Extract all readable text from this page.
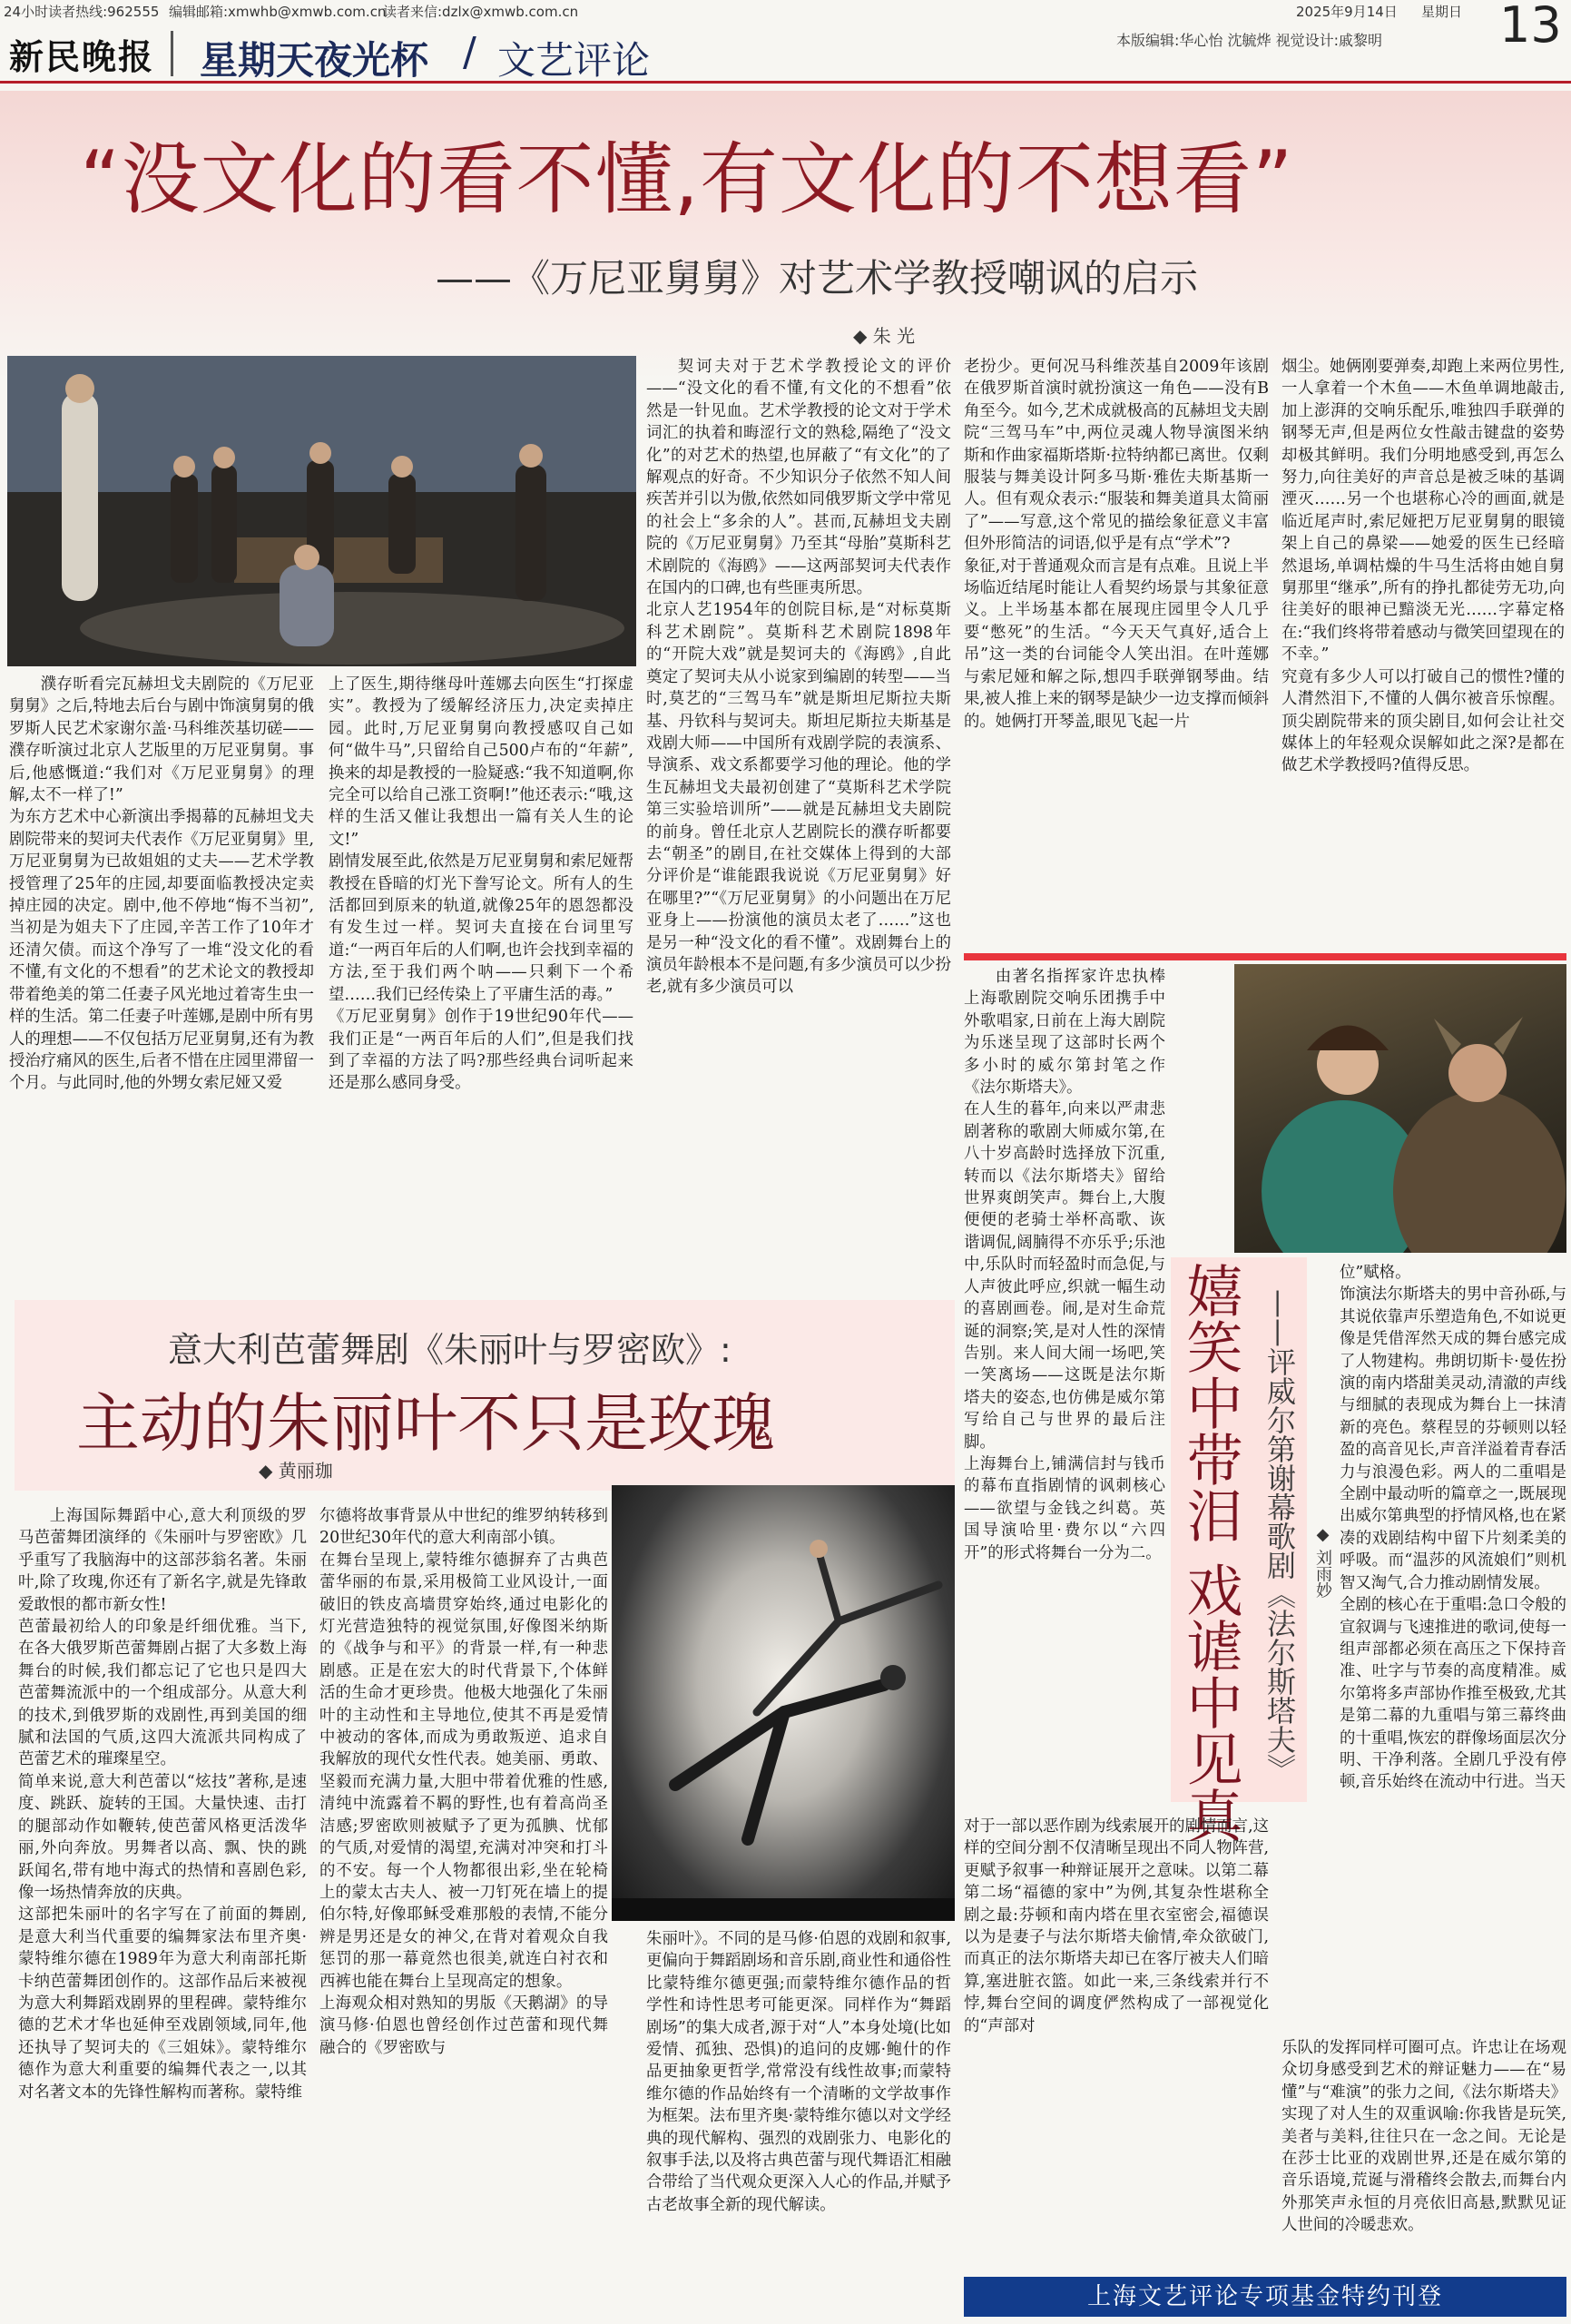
24小时读者热线:962555 编辑邮箱:xmwhb@xmwb.com.cn
读者来信:dzlx@xmwb.com.cn	2025年9月14日 星期日 13
本版编辑:华心怡 沈毓烨 视觉设计:戚黎明
新民晚报 星期天夜光杯 / 文艺评论
“没文化的看不懂,有文化的不想看”
——《万尼亚舅舅》对艺术学教授嘲讽的启示
◆ 朱 光
濮存昕看完瓦赫坦戈夫剧院的《万尼亚舅舅》之后,特地去后台与剧中饰演舅舅的俄罗斯人民艺术家谢尔盖·马科维茨基切磋——濮存昕演过北京人艺版里的万尼亚舅舅。事后,他感慨道:“我们对《万尼亚舅舅》的理解,太不一样了!”
为东方艺术中心新演出季揭幕的瓦赫坦戈夫剧院带来的契诃夫代表作《万尼亚舅舅》里,万尼亚舅舅为已故姐姐的丈夫——艺术学教授管理了25年的庄园,却要面临教授决定卖掉庄园的决定。剧中,他不停地“悔不当初”,当初是为姐夫下了庄园,辛苦工作了10年才还清欠债。而这个净写了一堆“没文化的看不懂,有文化的不想看”的艺术论文的教授却带着绝美的第二任妻子风光地过着寄生虫一样的生活。第二任妻子叶莲娜,是剧中所有男人的理想——不仅包括万尼亚舅舅,还有为教授治疗痛风的医生,后者不惜在庄园里滞留一个月。与此同时,他的外甥女索尼娅又爱
上了医生,期待继母叶莲娜去向医生“打探虚实”。教授为了缓解经济压力,决定卖掉庄园。此时,万尼亚舅舅向教授感叹自己如何“做牛马”,只留给自己500卢布的“年薪”,换来的却是教授的一脸疑惑:“我不知道啊,你完全可以给自己涨工资啊!”他还表示:“哦,这样的生活又催让我想出一篇有关人生的论文!”
剧情发展至此,依然是万尼亚舅舅和索尼娅帮教授在昏暗的灯光下誊写论文。所有人的生活都回到原来的轨道,就像25年的恩怨都没有发生过一样。契诃夫直接在台词里写道:“一两百年后的人们啊,也许会找到幸福的方法,至于我们两个呐——只剩下一个希望……我们已经传染上了平庸生活的毒。”
《万尼亚舅舅》创作于19世纪90年代——我们正是“一两百年后的人们”,但是我们找到了幸福的方法了吗?那些经典台词听起来还是那么感同身受。
契诃夫对于艺术学教授论文的评价——“没文化的看不懂,有文化的不想看”依然是一针见血。艺术学教授的论文对于学术词汇的执着和晦涩行文的熟稔,隔绝了“没文化”的对艺术的热望,也屏蔽了“有文化”的了解观点的好奇。不少知识分子依然不知人间疾苦并引以为傲,依然如同俄罗斯文学中常见的社会上“多余的人”。甚而,瓦赫坦戈夫剧院的《万尼亚舅舅》乃至其“母胎”莫斯科艺术剧院的《海鸥》——这两部契诃夫代表作在国内的口碑,也有些匪夷所思。
北京人艺1954年的创院目标,是“对标莫斯科艺术剧院”。莫斯科艺术剧院1898年的“开院大戏”就是契诃夫的《海鸥》,自此奠定了契诃夫从小说家到编剧的转型——当时,莫艺的“三驾马车”就是斯坦尼斯拉夫斯基、丹钦科与契诃夫。斯坦尼斯拉夫斯基是戏剧大师——中国所有戏剧学院的表演系、导演系、戏文系都要学习他的理论。他的学生瓦赫坦戈夫最初创建了“莫斯科艺术学院第三实验培训所”——就是瓦赫坦戈夫剧院的前身。曾任北京人艺剧院长的濮存昕都要去“朝圣”的剧目,在社交媒体上得到的大部分评价是“谁能跟我说说《万尼亚舅舅》好在哪里?”“《万尼亚舅舅》的小问题出在万尼亚身上——扮演他的演员太老了……”这也是另一种“没文化的看不懂”。戏剧舞台上的演员年龄根本不是问题,有多少演员可以少扮老,就有多少演员可以
老扮少。更何况马科维茨基自2009年该剧在俄罗斯首演时就扮演这一角色——没有B角至今。如今,艺术成就极高的瓦赫坦戈夫剧院“三驾马车”中,两位灵魂人物导演图米纳斯和作曲家福斯塔斯·拉特纳都已离世。仅剩服装与舞美设计阿多马斯·雅佐夫斯基斯一人。但有观众表示:“服装和舞美道具太简丽了”——写意,这个常见的描绘象征意义丰富但外形简洁的词语,似乎是有点“学术”?
象征,对于普通观众而言是有点难。且说上半场临近结尾时能让人看契约场景与其象征意义。上半场基本都在展现庄园里令人几乎要“憋死”的生活。“今天天气真好,适合上吊”这一类的台词能令人笑出泪。在叶莲娜与索尼娅和解之际,想四手联弹钢琴曲。结果,被人推上来的钢琴是缺少一边支撑而倾斜的。她俩打开琴盖,眼见飞起一片
烟尘。她俩刚要弹奏,却跑上来两位男性,一人拿着一个木鱼——木鱼单调地敲击,加上澎湃的交响乐配乐,唯独四手联弹的钢琴无声,但是两位女性敲击键盘的姿势却极其鲜明。我们分明地感受到,再怎么努力,向往美好的声音总是被乏味的基调湮灭……另一个也堪称心冷的画面,就是临近尾声时,索尼娅把万尼亚舅舅的眼镜架上自己的鼻梁——她爱的医生已经暗然退场,单调枯燥的牛马生活将由她自舅舅那里“继承”,所有的挣扎都徒劳无功,向往美好的眼神已黯淡无光……字幕定格在:“我们终将带着感动与微笑回望现在的不幸。”
究竟有多少人可以打破自己的惯性?懂的人潸然泪下,不懂的人偶尔被音乐惊醒。顶尖剧院带来的顶尖剧目,如何会让社交媒体上的年轻观众误解如此之深?是都在做艺术学教授吗?值得反思。
意大利芭蕾舞剧《朱丽叶与罗密欧》:
主动的朱丽叶不只是玫瑰
◆ 黄丽珈
上海国际舞蹈中心,意大利顶级的罗马芭蕾舞团演绎的《朱丽叶与罗密欧》几乎重写了我脑海中的这部莎翁名著。朱丽叶,除了玫瑰,你还有了新名字,就是先锋敢爱敢恨的都市新女性!
芭蕾最初给人的印象是纤细优雅。当下,在各大俄罗斯芭蕾舞剧占据了大多数上海舞台的时候,我们都忘记了它也只是四大芭蕾舞流派中的一个组成部分。从意大利的技术,到俄罗斯的戏剧性,再到美国的细腻和法国的气质,这四大流派共同构成了芭蕾艺术的璀璨星空。
简单来说,意大利芭蕾以“炫技”著称,是速度、跳跃、旋转的王国。大量快速、击打的腿部动作如鞭转,使芭蕾风格更活泼华丽,外向奔放。男舞者以高、飘、快的跳跃闻名,带有地中海式的热情和喜剧色彩,像一场热情奔放的庆典。
这部把朱丽叶的名字写在了前面的舞剧,是意大利当代重要的编舞家法布里齐奥·蒙特维尔德在1989年为意大利南部托斯卡纳芭蕾舞团创作的。这部作品后来被视为意大利舞蹈戏剧界的里程碑。蒙特维尔德的艺术才华也延伸至戏剧领域,同年,他还执导了契诃夫的《三姐妹》。蒙特维尔德作为意大利重要的编舞代表之一,以其对名著文本的先锋性解构而著称。蒙特维
尔德将故事背景从中世纪的维罗纳转移到20世纪30年代的意大利南部小镇。
在舞台呈现上,蒙特维尔德摒弃了古典芭蕾华丽的布景,采用极简工业风设计,一面破旧的铁皮高墙贯穿始终,通过电影化的灯光营造独特的视觉氛围,好像图米纳斯的《战争与和平》的背景一样,有一种悲剧感。正是在宏大的时代背景下,个体鲜活的生命才更珍贵。他极大地强化了朱丽叶的主动性和主导地位,使其不再是爱情中被动的客体,而成为勇敢叛逆、追求自我解放的现代女性代表。她美丽、勇敢、坚毅而充满力量,大胆中带着优雅的性感,清纯中流露着不羁的野性,也有着高尚圣洁感;罗密欧则被赋予了更为孤腆、忧郁的气质,对爱情的渴望,充满对冲突和打斗的不安。每一个人物都很出彩,坐在轮椅上的蒙太古夫人、被一刀钉死在墙上的提伯尔特,好像耶稣受难那般的表情,不能分辨是男还是女的神父,在背对着观众自我惩罚的那一幕竟然也很美,就连白衬衣和西裤也能在舞台上呈现高定的想象。
上海观众相对熟知的男版《天鹅湖》的导演马修·伯恩也曾经创作过芭蕾和现代舞融合的《罗密欧与
朱丽叶》。不同的是马修·伯恩的戏剧和叙事,更偏向于舞蹈剧场和音乐剧,商业性和通俗性比蒙特维尔德更强;而蒙特维尔德作品的哲学性和诗性思考可能更深。同样作为“舞蹈剧场”的集大成者,源于对“人”本身处境(比如爱情、孤独、恐惧)的追问的皮娜·鲍什的作品更抽象更哲学,常常没有线性故事;而蒙特维尔德的作品始终有一个清晰的文学故事作为框架。法布里齐奥·蒙特维尔德以对文学经典的现代解构、强烈的戏剧张力、电影化的叙事手法,以及将古典芭蕾与现代舞语汇相融合带给了当代观众更深入人心的作品,并赋予古老故事全新的现代解读。
嬉笑中带泪 戏谑中见真 ——评威尔第谢幕歌剧《法尔斯塔夫》 ◆ 刘雨妙
由著名指挥家许忠执棒上海歌剧院交响乐团携手中外歌唱家,日前在上海大剧院为乐迷呈现了这部时长两个多小时的威尔第封笔之作《法尔斯塔夫》。
在人生的暮年,向来以严肃悲剧著称的歌剧大师威尔第,在八十岁高龄时选择放下沉重,转而以《法尔斯塔夫》留给世界爽朗笑声。舞台上,大腹便便的老骑士举杯高歌、诙谐调侃,阔腩得不亦乐乎;乐池中,乐队时而轻盈时而急促,与人声彼此呼应,织就一幅生动的喜剧画卷。闹,是对生命荒诞的洞察;笑,是对人性的深情告别。来人间大闹一场吧,笑一笑离场——这既是法尔斯塔夫的姿态,也仿佛是威尔第写给自己与世界的最后注脚。
上海舞台上,铺满信封与钱币的幕布直指剧情的讽刺核心——欲望与金钱之纠葛。英国导演哈里·费尔以“六四开”的形式将舞台一分为二。
对于一部以恶作剧为线索展开的剧情而言,这样的空间分割不仅清晰呈现出不同人物阵营,更赋予叙事一种辩证展开之意味。以第二幕第二场“福德的家中”为例,其复杂性堪称全剧之最:芬顿和南内塔在里衣室密会,福德误以为是妻子与法尔斯塔夫偷情,牵众欲破门,而真正的法尔斯塔夫却已在客厅被夫人们暗算,塞进脏衣篮。如此一来,三条线索并行不悖,舞台空间的调度俨然构成了一部视觉化的“声部对
位”赋格。
饰演法尔斯塔夫的男中音孙砾,与其说依靠声乐塑造角色,不如说更像是凭借浑然天成的舞台感完成了人物建构。弗朗切斯卡·曼佐扮演的南内塔甜美灵动,清澈的声线与细腻的表现成为舞台上一抹清新的亮色。蔡程昱的芬顿则以轻盈的高音见长,声音洋溢着青春活力与浪漫色彩。两人的二重唱是全剧中最动听的篇章之一,既展现出威尔第典型的抒情风格,也在紧凑的戏剧结构中留下片刻柔美的呼吸。而“温莎的风流娘们”则机智又淘气,合力推动剧情发展。
全剧的核心在于重唱:急口令般的宣叙调与飞速推进的歌词,使每一组声部都必须在高压之下保持音准、吐字与节奏的高度精准。威尔第将多声部协作推至极致,尤其是第二幕的九重唱与第三幕终曲的十重唱,恢宏的群像场面层次分明、干净利落。全剧几乎没有停顿,音乐始终在流动中行进。当天
乐队的发挥同样可圈可点。许忠让在场观众切身感受到艺术的辩证魅力——在“易懂”与“难演”的张力之间,《法尔斯塔夫》实现了对人生的双重讽喻:你我皆是玩笑,美者与美料,往往只在一念之间。无论是在莎士比亚的戏剧世界,还是在威尔第的音乐语境,荒诞与滑稽终会散去,而舞台内外那笑声永恒的月亮依旧高悬,默默见证人世间的冷暖悲欢。
上海文艺评论专项基金特约刊登
